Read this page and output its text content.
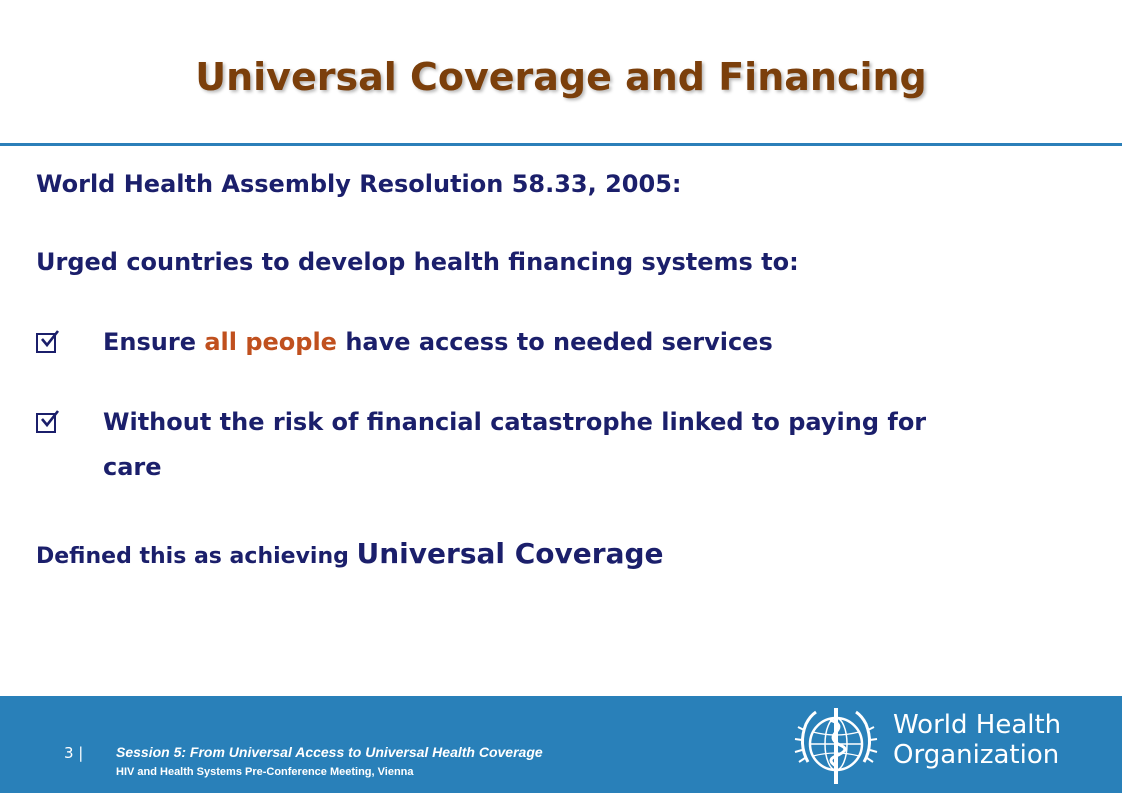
Universal Coverage and Financing
World Health Assembly Resolution 58.33, 2005:
Urged countries to develop health financing systems to:
Ensure all people have access to needed services
Without the risk of financial catastrophe linked to paying for
care
Defined this as achieving Universal Coverage
3 | Session 5: From Universal Access to Universal Health Coverage
HIV and Health Systems Pre-Conference Meeting, Vienna
World Health
Organization
